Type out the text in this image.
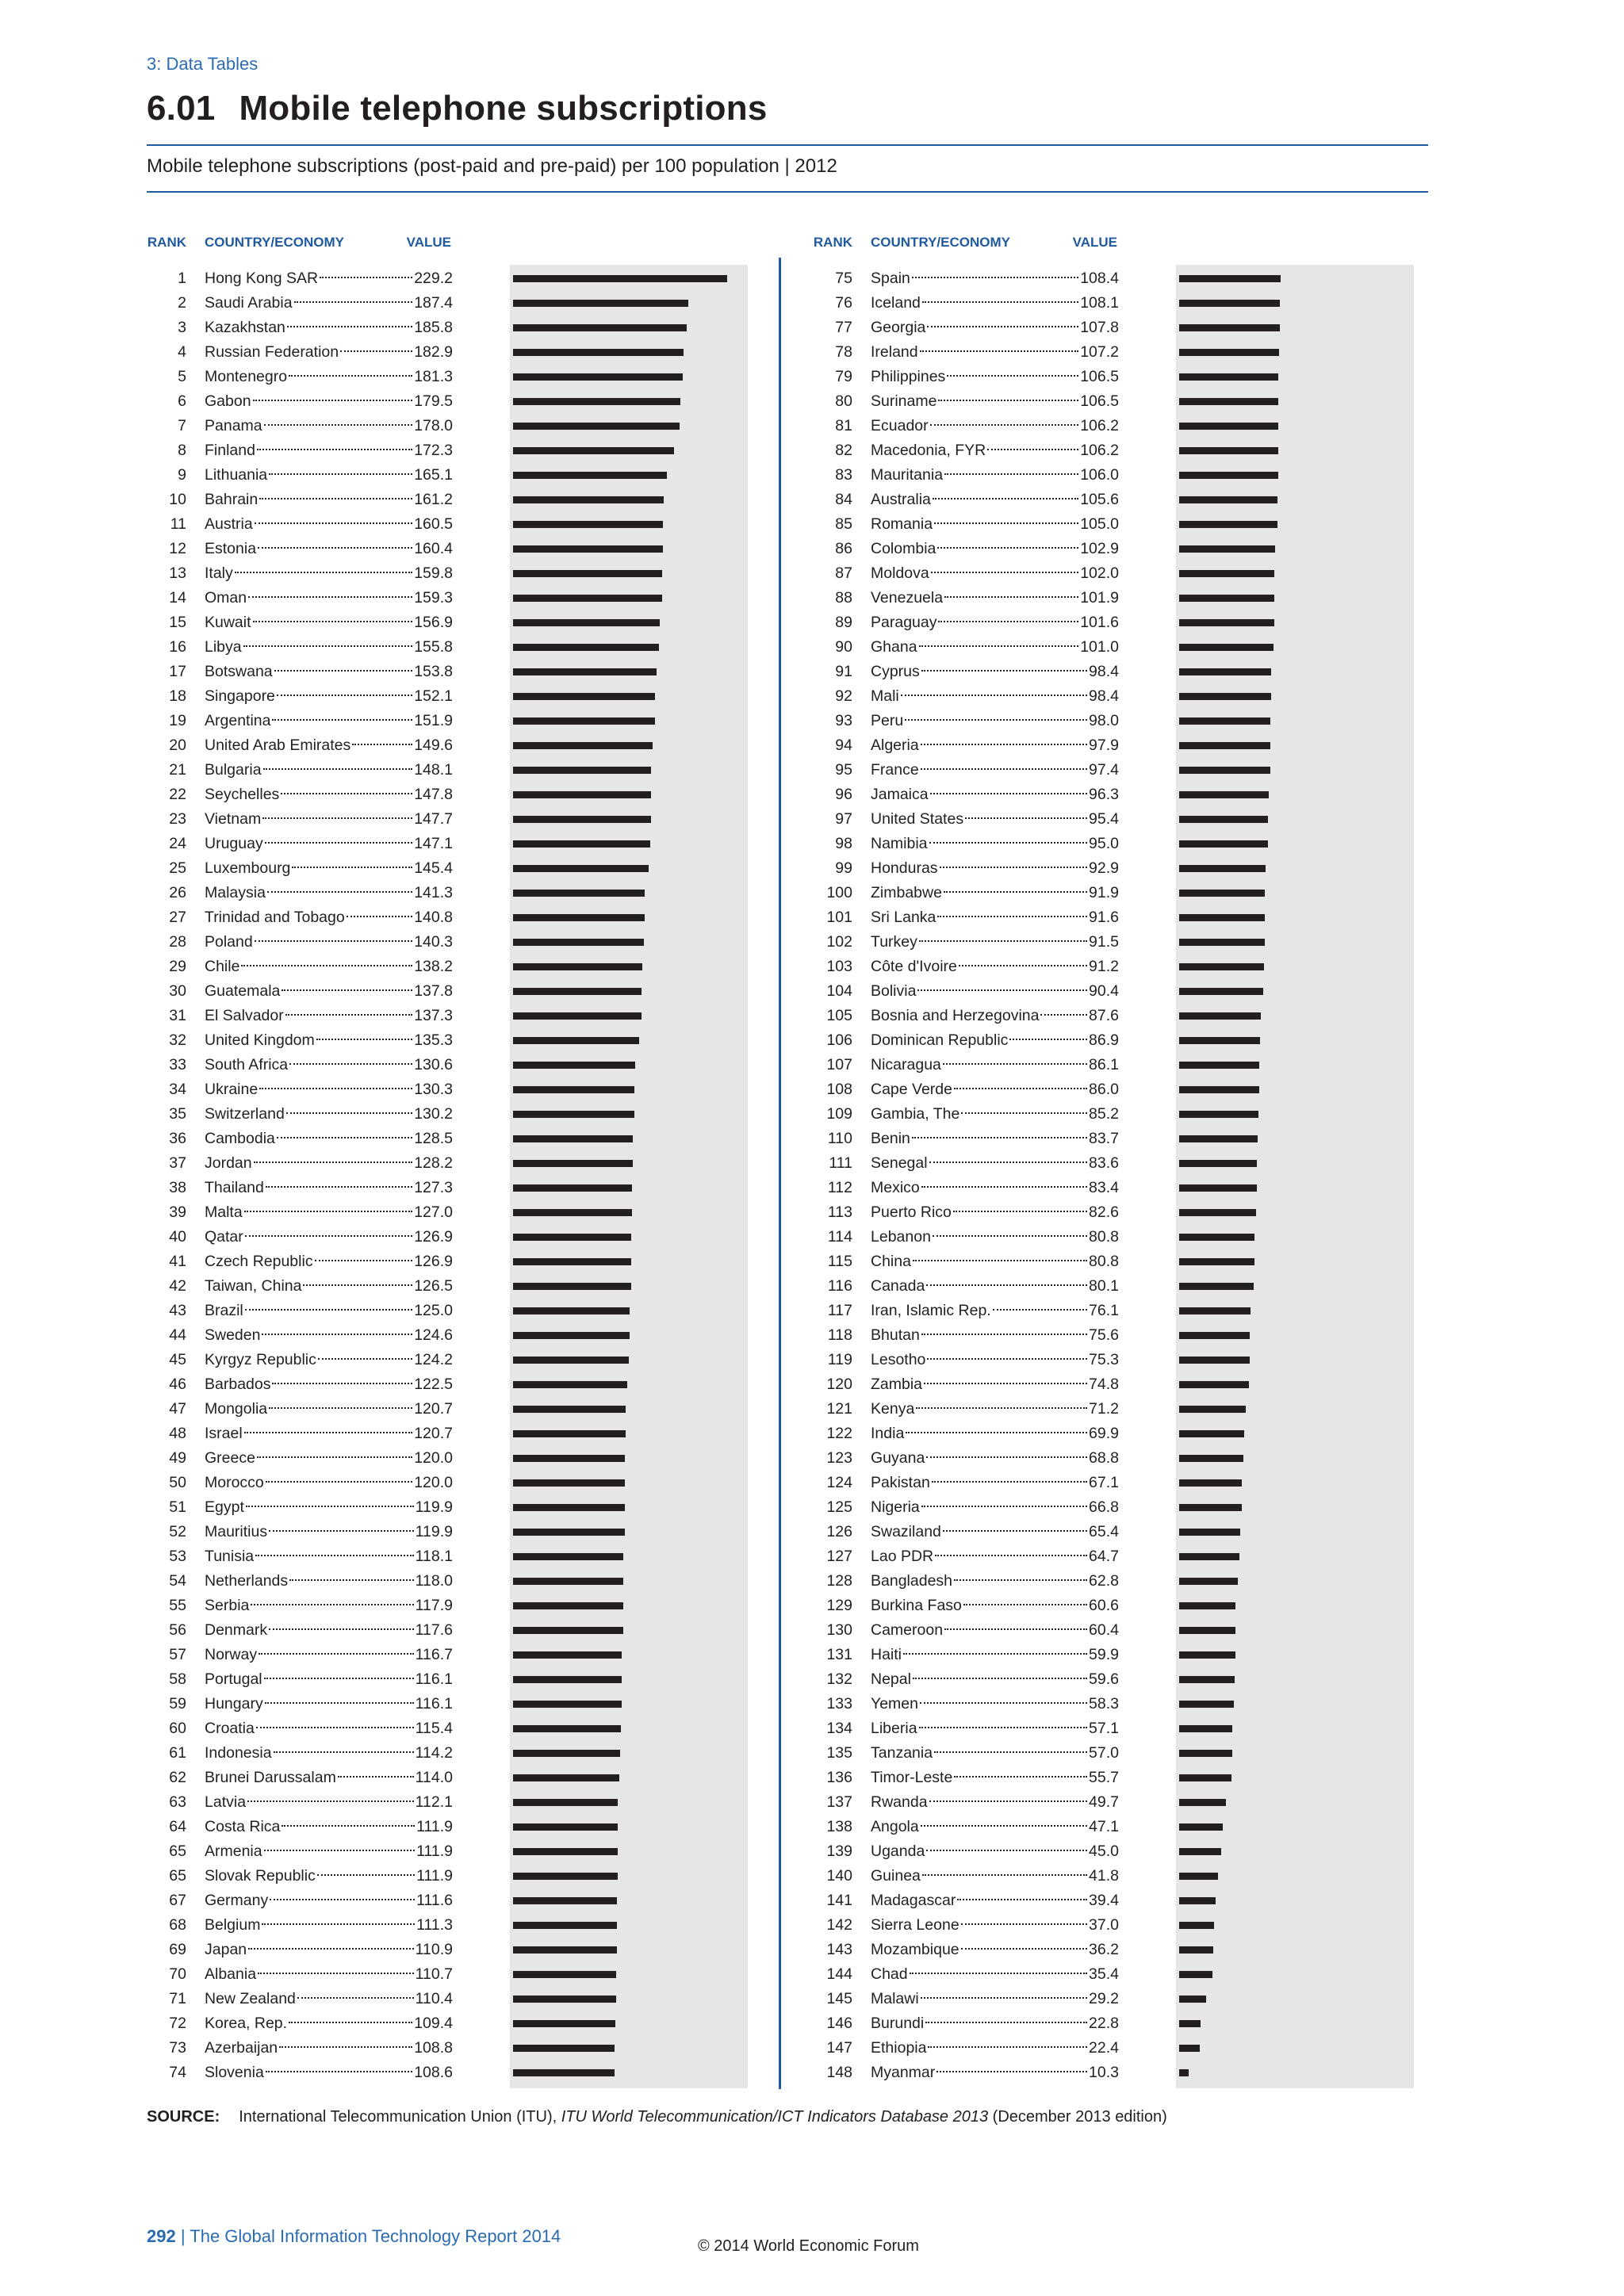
3: Data Tables
6.01 Mobile telephone subscriptions
Mobile telephone subscriptions (post-paid and pre-paid) per 100 population | 2012
RANK COUNTRY/ECONOMY	VALUE
1 Hong Kong SAR	229.2
2 Saudi Arabia	187.4
3 Kazakhstan	185.8
4 Russian Federation	182.9
5 Montenegro	181.3
6 Gabon	179.5
7 Panama	178.0
8 Finland	172.3
9 Lithuania	165.1
10 Bahrain	161.2
11 Austria	160.5
12 Estonia	160.4
13 Italy	159.8
14 Oman	159.3
15 Kuwait	156.9
16 Libya	155.8
17 Botswana	153.8
18 Singapore	152.1
19 Argentina	151.9
20 United Arab Emirates	149.6
21 Bulgaria	148.1
22 Seychelles	147.8
23 Vietnam	147.7
24 Uruguay	147.1
25 Luxembourg	145.4
26 Malaysia	141.3
27 Trinidad and Tobago	140.8
28 Poland	140.3
29 Chile	138.2
30 Guatemala	137.8
31 El Salvador	137.3
32 United Kingdom	135.3
33 South Africa	130.6
34 Ukraine	130.3
35 Switzerland	130.2
36 Cambodia	128.5
37 Jordan	128.2
38 Thailand	127.3
39 Malta	127.0
40 Qatar	126.9
41 Czech Republic	126.9
42 Taiwan, China	126.5
43 Brazil	125.0
44 Sweden	124.6
45 Kyrgyz Republic	124.2
46 Barbados	122.5
47 Mongolia	120.7
48 Israel	120.7
49 Greece	120.0
50 Morocco	120.0
51 Egypt	119.9
52 Mauritius	119.9
53 Tunisia	118.1
54 Netherlands	118.0
55 Serbia	117.9
56 Denmark	117.6
57 Norway	116.7
58 Portugal	116.1
59 Hungary	116.1
60 Croatia	115.4
61 Indonesia	114.2
62 Brunei Darussalam	114.0
63 Latvia	112.1
64 Costa Rica	111.9
65 Armenia	111.9
65 Slovak Republic	111.9
67 Germany	111.6
68 Belgium	111.3
69 Japan	110.9
70 Albania	110.7
71 New Zealand	110.4
72 Korea, Rep.	109.4
73 Azerbaijan	108.8
74 Slovenia	108.6
RANK COUNTRY/ECONOMY	VALUE
75 Spain	108.4
76 Iceland	108.1
77 Georgia	107.8
78 Ireland	107.2
79 Philippines	106.5
80 Suriname	106.5
81 Ecuador	106.2
82 Macedonia, FYR	106.2
83 Mauritania	106.0
84 Australia	105.6
85 Romania	105.0
86 Colombia	102.9
87 Moldova	102.0
88 Venezuela	101.9
89 Paraguay	101.6
90 Ghana	101.0
91 Cyprus	98.4
92 Mali	98.4
93 Peru	98.0
94 Algeria	97.9
95 France	97.4
96 Jamaica	96.3
97 United States	95.4
98 Namibia	95.0
99 Honduras	92.9
100 Zimbabwe	91.9
101 Sri Lanka	91.6
102 Turkey	91.5
103 Côte d'Ivoire	91.2
104 Bolivia	90.4
105 Bosnia and Herzegovina	87.6
106 Dominican Republic	86.9
107 Nicaragua	86.1
108 Cape Verde	86.0
109 Gambia, The	85.2
110 Benin	83.7
111 Senegal	83.6
112 Mexico	83.4
113 Puerto Rico	82.6
114 Lebanon	80.8
115 China	80.8
116 Canada	80.1
117 Iran, Islamic Rep.	76.1
118 Bhutan	75.6
119 Lesotho	75.3
120 Zambia	74.8
121 Kenya	71.2
122 India	69.9
123 Guyana	68.8
124 Pakistan	67.1
125 Nigeria	66.8
126 Swaziland	65.4
127 Lao PDR	64.7
128 Bangladesh	62.8
129 Burkina Faso	60.6
130 Cameroon	60.4
131 Haiti	59.9
132 Nepal	59.6
133 Yemen	58.3
134 Liberia	57.1
135 Tanzania	57.0
136 Timor-Leste	55.7
137 Rwanda	49.7
138 Angola	47.1
139 Uganda	45.0
140 Guinea	41.8
141 Madagascar	39.4
142 Sierra Leone	37.0
143 Mozambique	36.2
144 Chad	35.4
145 Malawi	29.2
146 Burundi	22.8
147 Ethiopia	22.4
148 Myanmar	10.3
SOURCE: International Telecommunication Union (ITU), ITU World Telecommunication/ICT Indicators Database 2013 (December 2013 edition)
292 | The Global Information Technology Report 2014	© 2014 World Economic Forum
